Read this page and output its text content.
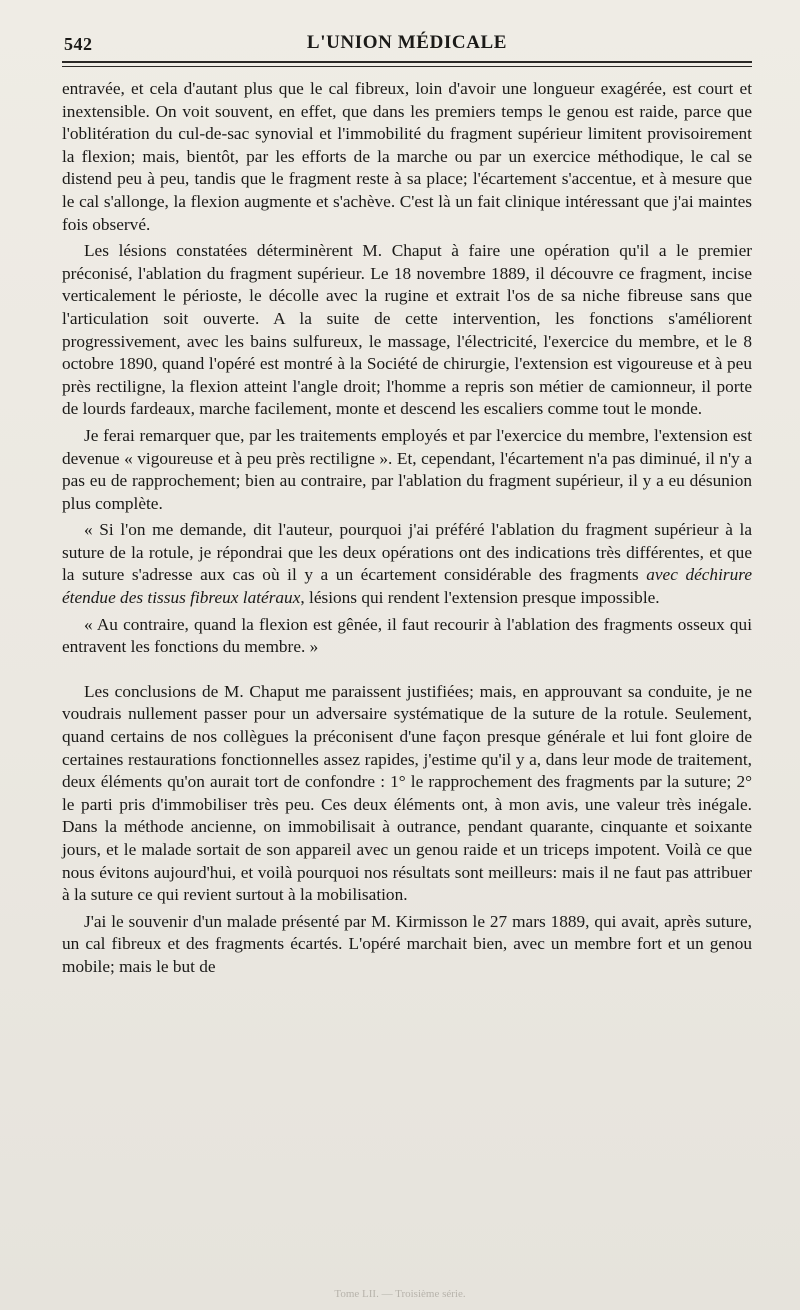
542	L'UNION MÉDICALE

entravée, et cela d'autant plus que le cal fibreux, loin d'avoir une longueur exagérée, est court et inextensible. On voit souvent, en effet, que dans les premiers temps le genou est raide, parce que l'oblitération du cul-de-sac synovial et l'immobilité du fragment supérieur limitent provisoirement la flexion; mais, bientôt, par les efforts de la marche ou par un exercice méthodique, le cal se distend peu à peu, tandis que le fragment reste à sa place; l'écartement s'accentue, et à mesure que le cal s'allonge, la flexion augmente et s'achève. C'est là un fait clinique intéressant que j'ai maintes fois observé.

Les lésions constatées déterminèrent M. Chaput à faire une opération qu'il a le premier préconisé, l'ablation du fragment supérieur. Le 18 novembre 1889, il découvre ce fragment, incise verticalement le périoste, le décolle avec la rugine et extrait l'os de sa niche fibreuse sans que l'articulation soit ouverte. A la suite de cette intervention, les fonctions s'améliorent progressivement, avec les bains sulfureux, le massage, l'électricité, l'exercice du membre, et le 8 octobre 1890, quand l'opéré est montré à la Société de chirurgie, l'extension est vigoureuse et à peu près rectiligne, la flexion atteint l'angle droit; l'homme a repris son métier de camionneur, il porte de lourds fardeaux, marche facilement, monte et descend les escaliers comme tout le monde.

Je ferai remarquer que, par les traitements employés et par l'exercice du membre, l'extension est devenue « vigoureuse et à peu près rectiligne ». Et, cependant, l'écartement n'a pas diminué, il n'y a pas eu de rapprochement; bien au contraire, par l'ablation du fragment supérieur, il y a eu désunion plus complète.

« Si l'on me demande, dit l'auteur, pourquoi j'ai préféré l'ablation du fragment supérieur à la suture de la rotule, je répondrai que les deux opérations ont des indications très différentes, et que la suture s'adresse aux cas où il y a un écartement considérable des fragments avec déchirure étendue des tissus fibreux latéraux, lésions qui rendent l'extension presque impossible.

« Au contraire, quand la flexion est gênée, il faut recourir à l'ablation des fragments osseux qui entravent les fonctions du membre. »

Les conclusions de M. Chaput me paraissent justifiées; mais, en approuvant sa conduite, je ne voudrais nullement passer pour un adversaire systématique de la suture de la rotule. Seulement, quand certains de nos collègues la préconisent d'une façon presque générale et lui font gloire de certaines restaurations fonctionnelles assez rapides, j'estime qu'il y a, dans leur mode de traitement, deux éléments qu'on aurait tort de confondre : 1° le rapprochement des fragments par la suture; 2° le parti pris d'immobiliser très peu. Ces deux éléments ont, à mon avis, une valeur très inégale. Dans la méthode ancienne, on immobilisait à outrance, pendant quarante, cinquante et soixante jours, et le malade sortait de son appareil avec un genou raide et un triceps impotent. Voilà ce que nous évitons aujourd'hui, et voilà pourquoi nos résultats sont meilleurs: mais il ne faut pas attribuer à la suture ce qui revient surtout à la mobilisation.

J'ai le souvenir d'un malade présenté par M. Kirmisson le 27 mars 1889, qui avait, après suture, un cal fibreux et des fragments écartés. L'opéré marchait bien, avec un membre fort et un genou mobile; mais le but de

Tome LII. — Troisième série.
